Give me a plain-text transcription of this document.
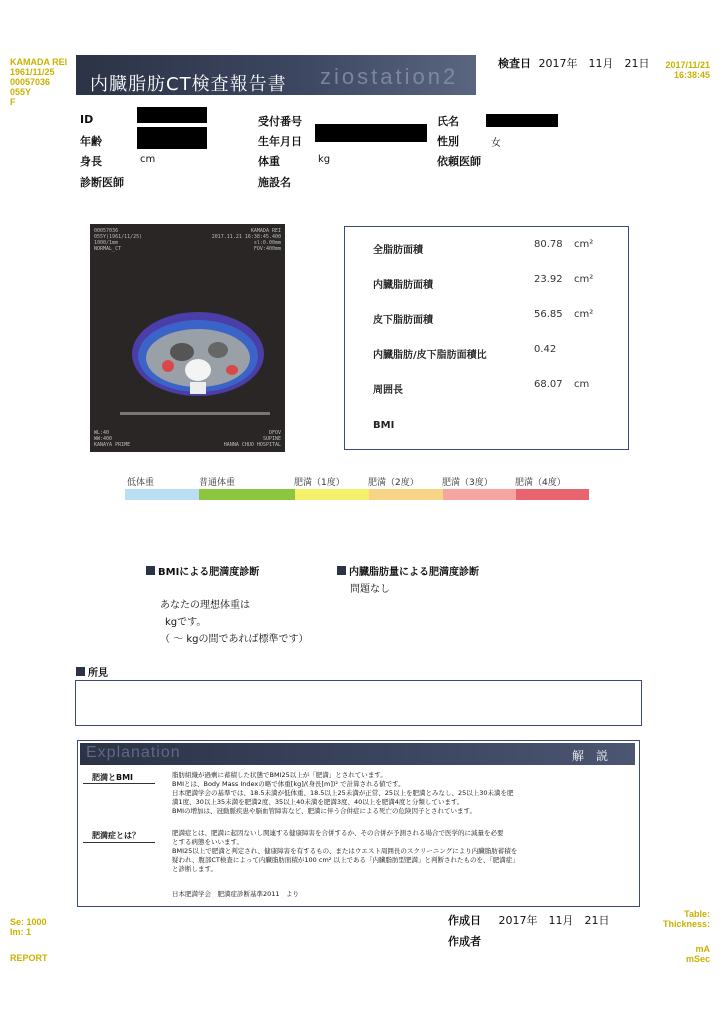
KAMADA REI
1961/11/25
00057036
055Y
F
Se: 1000
Im: 1
REPORT
2017/11/21
16:38:45
Table:
Thickness:
mA
mSec
ziostation2
内臓脂肪CT検査報告書
検査日 2017年　11月　21日
ID
年齢
身長	cm
診断医師
受付番号
生年月日
体重	kg
施設名
氏名
性別	女
依頼医師
00057036
055Y(1961/11/25)
1000/1mm
NORMAL_CT
KAMADA REI
2017.11.21 16:38:45.400
sl:0.00mm
FOV:400mm
WL:40
WW:400
KANAYA PRIME
DFOV
SUPINE
HANNA CHUO HOSPITAL
全脂肪面積
80.78 cm²
内臓脂肪面積
23.92 cm²
皮下脂肪面積
56.85 cm²
内臓脂肪/皮下脂肪面積比
0.42
周囲長
68.07 cm
BMI
低体重	普通体重	肥満（1度）	肥満（2度）	肥満（3度） 肥満（4度）
BMIによる肥満度診断
あなたの理想体重は
kgです。
（ ～ kgの間であれば標準です）
内臓脂肪量による肥満度診断
問題なし
所見
Explanation	解　説
肥満とBMI	脂肪組織が過剰に蓄積した状態でBMI25以上が「肥満」とされています。
BMIとは、Body Mass Indexの略で体重[kg]/(身長[m])² で計算される値です。
日本肥満学会の基準では、18.5未満が低体重、18.5以上25未満が正常、25以上を肥満とみなし、25以上30未満を肥
満1度、30以上35未満を肥満2度、35以上40未満を肥満3度、40以上を肥満4度と分類しています。
BMIの増加は、冠動脈疾患や脳血管障害など、肥満に伴う合併症による死亡の危険因子とされています。
肥満症とは？	肥満症とは、肥満に起因ないし関連する健康障害を合併するか、その合併が予測される場合で医学的に減量を必要
とする病態をいいます。
BMI25以上で肥満と判定され、健康障害を有するもの、またはウエスト周囲長のスクリーニングにより内臓脂肪蓄積を
疑われ、腹部CT検査によって内臓脂肪面積が100 cm² 以上である「内臓脂肪型肥満」と判断されたものを、「肥満症」
と診断します。
日本肥満学会　肥満症診断基準2011　より
作成日 2017年　11月　21日
作成者
